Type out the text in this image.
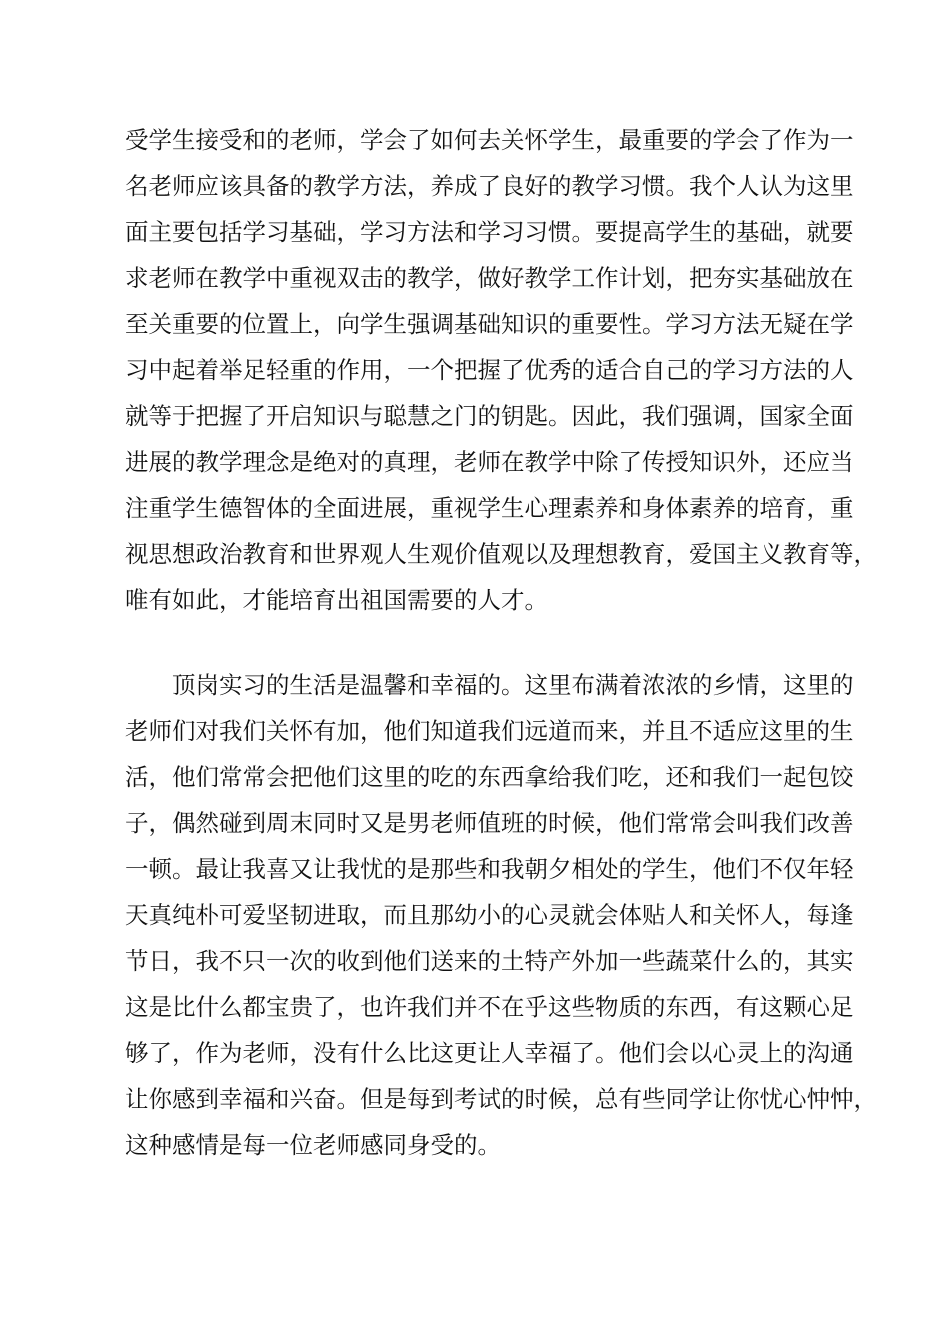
受学生接受和的老师，学会了如何去关怀学生，最重要的学会了作为一
名老师应该具备的教学方法，养成了良好的教学习惯。我个人认为这里
面主要包括学习基础，学习方法和学习习惯。要提高学生的基础，就要
求老师在教学中重视双击的教学，做好教学工作计划，把夯实基础放在
至关重要的位置上，向学生强调基础知识的重要性。学习方法无疑在学
习中起着举足轻重的作用，一个把握了优秀的适合自己的学习方法的人
就等于把握了开启知识与聪慧之门的钥匙。因此，我们强调，国家全面
进展的教学理念是绝对的真理，老师在教学中除了传授知识外，还应当
注重学生德智体的全面进展，重视学生心理素养和身体素养的培育，重
视思想政治教育和世界观人生观价值观以及理想教育，爱国主义教育等，
唯有如此，才能培育出祖国需要的人才。
顶岗实习的生活是温馨和幸福的。这里布满着浓浓的乡情，这里的
老师们对我们关怀有加，他们知道我们远道而来，并且不适应这里的生
活，他们常常会把他们这里的吃的东西拿给我们吃，还和我们一起包饺
子，偶然碰到周末同时又是男老师值班的时候，他们常常会叫我们改善
一顿。最让我喜又让我忧的是那些和我朝夕相处的学生，他们不仅年轻
天真纯朴可爱坚韧进取，而且那幼小的心灵就会体贴人和关怀人，每逢
节日，我不只一次的收到他们送来的土特产外加一些蔬菜什么的，其实
这是比什么都宝贵了，也许我们并不在乎这些物质的东西，有这颗心足
够了，作为老师，没有什么比这更让人幸福了。他们会以心灵上的沟通
让你感到幸福和兴奋。但是每到考试的时候，总有些同学让你忧心忡忡，
这种感情是每一位老师感同身受的。
